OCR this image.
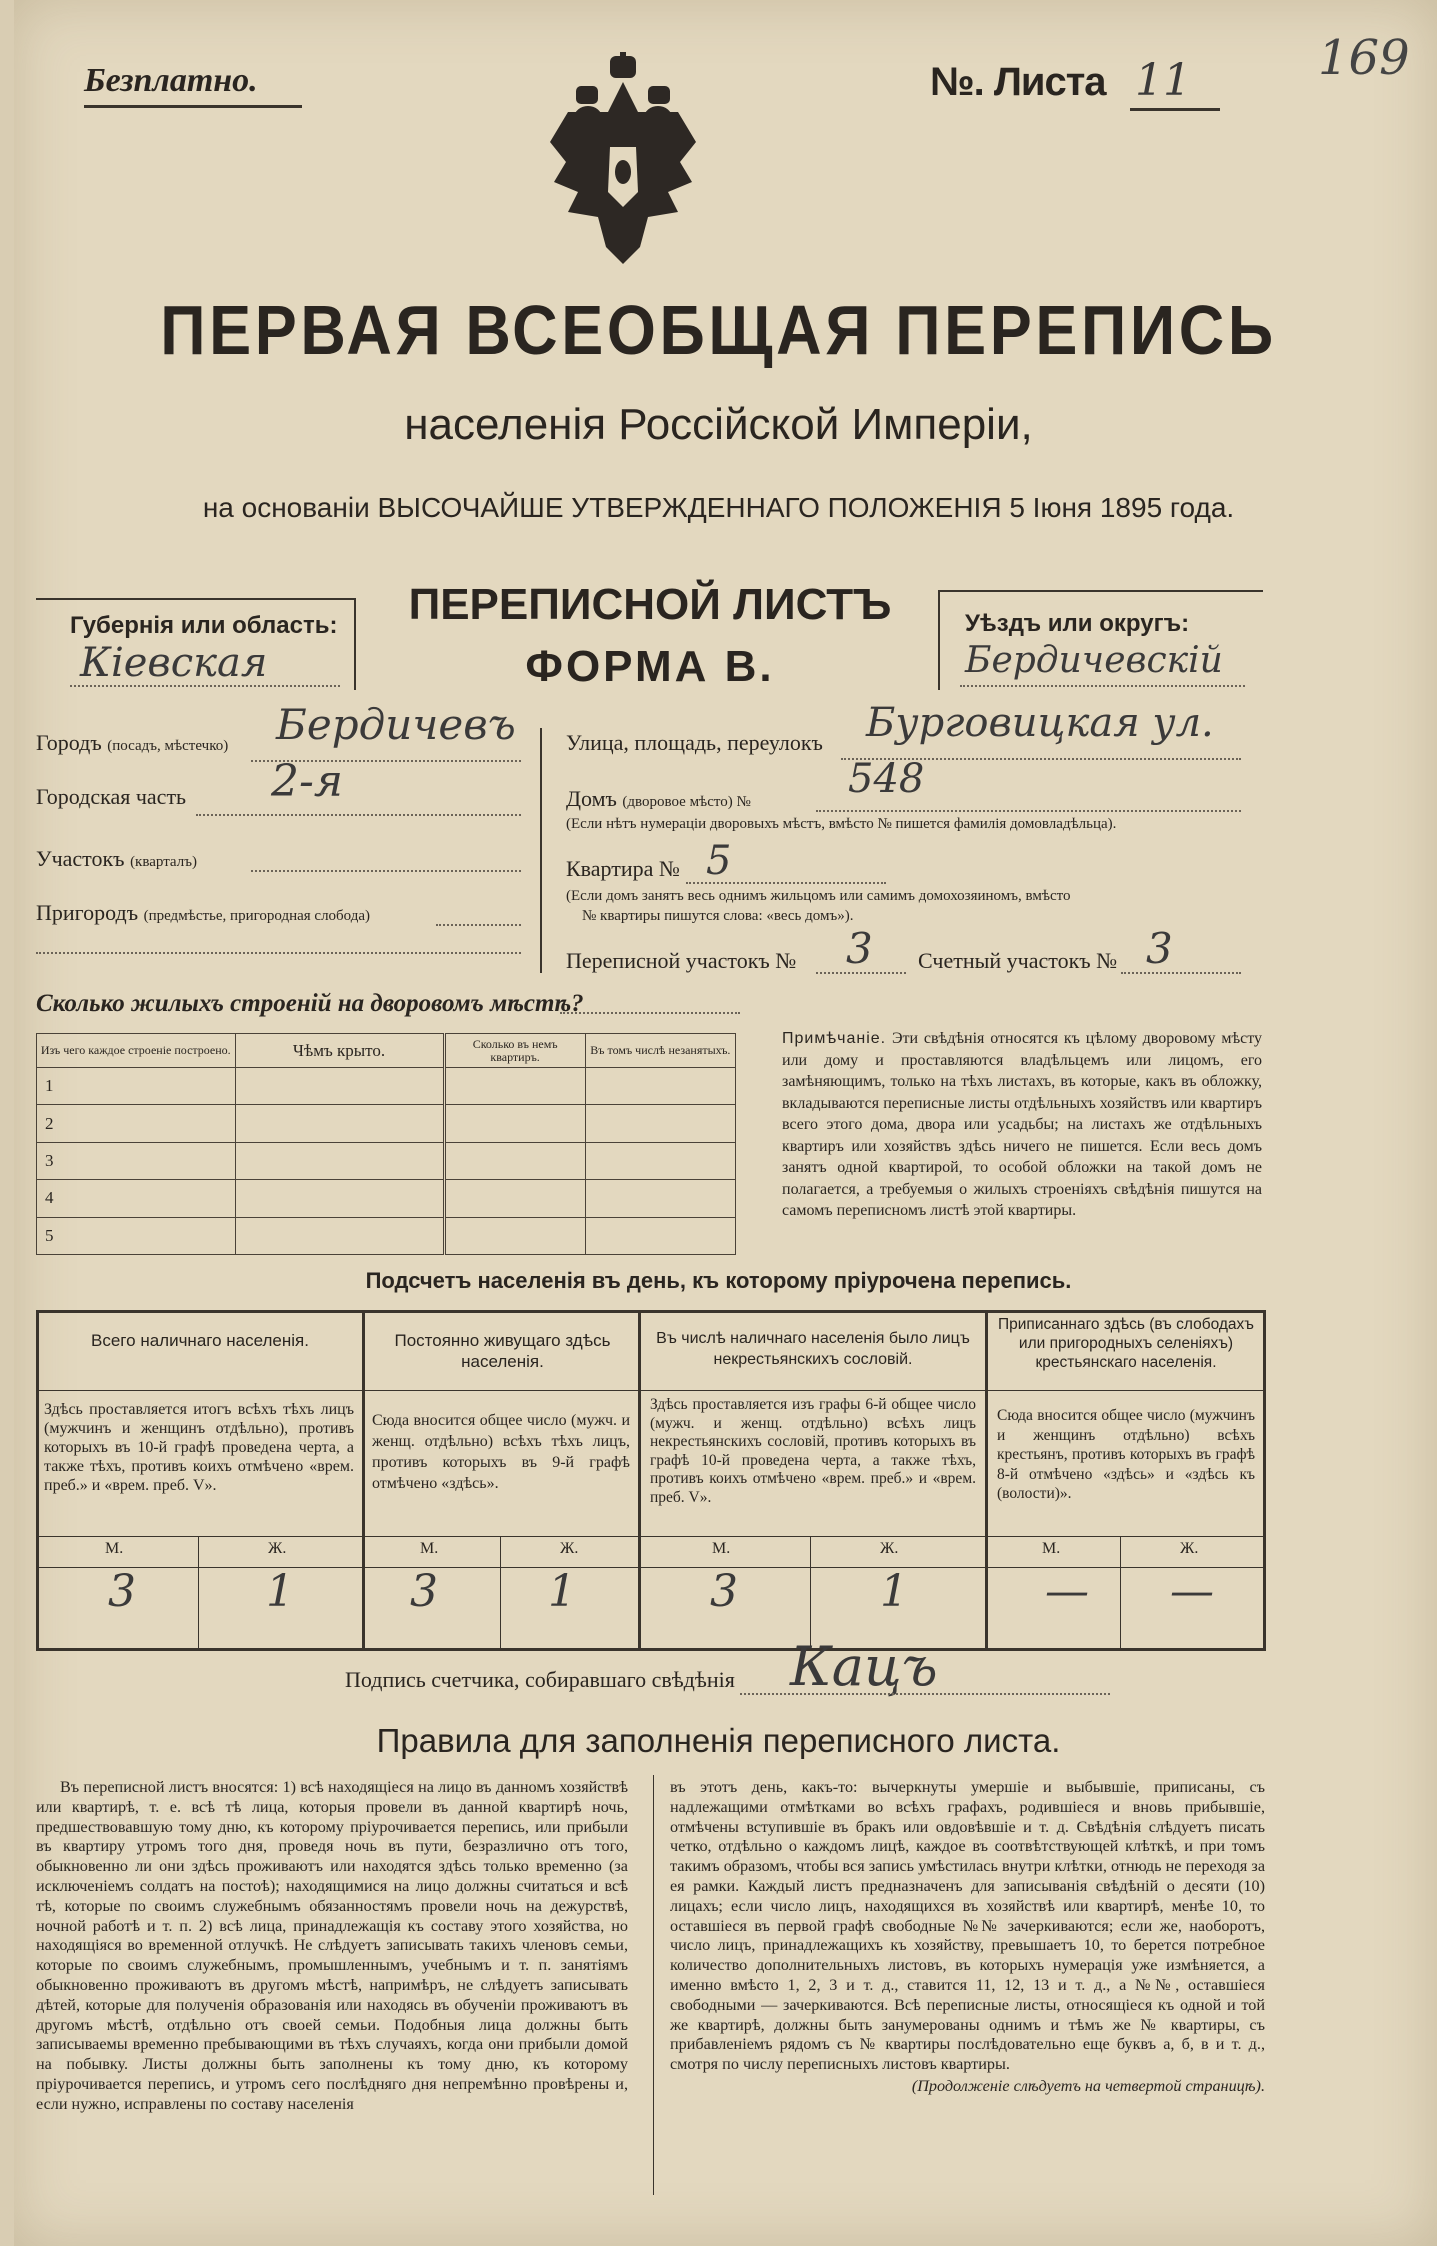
Безплатно.	№. Листа 11	169
ПЕРВАЯ ВСЕОБЩАЯ ПЕРЕПИСЬ
населенія Россійской Имперіи,
на основаніи ВЫСОЧАЙШЕ УТВЕРЖДЕННАГО ПОЛОЖЕНІЯ 5 Іюня 1895 года.
Губернія или область:
Кіевская
ПЕРЕПИСНОЙ ЛИСТЪ
ФОРМА В.
Уѣздъ или округъ:
Бердичевскій
Городъ (посадъ, мѣстечко) Бердичевъ
Городская часть 2-я
Участокъ (кварталъ)
Пригородъ (предмѣстье, пригородная слобода)
Улица, площадь, переулокъ Бурговицкая ул.
Домъ (дворовое мѣсто) № 548
(Если нѣтъ нумераціи дворовыхъ мѣстъ, вмѣсто № пишется фамилія домовладѣльца).
Квартира № 5
(Если домъ занятъ весь однимъ жильцомъ или самимъ домохозяиномъ, вмѣсто
№ квартиры пишутся слова: «весь домъ»).
Переписной участокъ № 3 Счетный участокъ № 3
Сколько жилыхъ строеній на дворовомъ мѣстѣ?
Изъ чего каждое строеніе построено.	Чѣмъ крыто.	Сколько въ немъ квартиръ.	Въ томъ числѣ незанятыхъ.
1			
2			
3			
4			
5			
Примѣчаніе. Эти свѣдѣнія относятся къ цѣлому дворовому мѣсту или дому и проставляются владѣльцемъ или лицомъ, его замѣняющимъ, только на тѣхъ листахъ, въ которые, какъ въ обложку, вкладываются переписные листы отдѣльныхъ хозяйствъ или квартиръ всего этого дома, двора или усадьбы; на листахъ же отдѣльныхъ квартиръ или хозяйствъ здѣсь ничего не пишется. Если весь домъ занятъ одной квартирой, то особой обложки на такой домъ не полагается, а требуемыя о жилыхъ строеніяхъ свѣдѣнія пишутся на самомъ переписномъ листѣ этой квартиры.
Подсчетъ населенія въ день, къ которому пріурочена перепись.
Всего наличнаго населенія.
Здѣсь проставляется итогъ всѣхъ тѣхъ лицъ (мужчинъ и женщинъ отдѣльно), противъ которыхъ въ 10-й графѣ проведена черта, а также тѣхъ, противъ коихъ отмѣчено «врем. преб.» и «врем. преб. V».
Постоянно живущаго здѣсь населенія.
Сюда вносится общее число (мужч. и женщ. отдѣльно) всѣхъ тѣхъ лицъ, противъ которыхъ въ 9-й графѣ отмѣчено «здѣсь».
Въ числѣ наличнаго населенія было лицъ некрестьянскихъ сословій.
Здѣсь проставляется изъ графы 6-й общее число (мужч. и женщ. отдѣльно) всѣхъ лицъ некрестьянскихъ сословій, противъ которыхъ въ графѣ 10-й проведена черта, а также тѣхъ, противъ коихъ отмѣчено «врем. преб.» и «врем. преб. V».
Приписаннаго здѣсь (въ слободахъ или пригородныхъ селеніяхъ) крестьянскаго населенія.
Сюда вносится общее число (мужчинъ и женщинъ отдѣльно) всѣхъ крестьянъ, противъ которыхъ въ графѣ 8-й отмѣчено «здѣсь» и «здѣсь къ (волости)».
М.	Ж.	М.	Ж.	М.	Ж.	М.	Ж.
3	1	3	1	3	1	— —
Подпись счетчика, собиравшаго свѣдѣнія Кацъ
Правила для заполненія переписного листа.
Въ переписной листъ вносятся: 1) всѣ находящіеся на лицо въ данномъ хозяйствѣ или квартирѣ, т. е. всѣ тѣ лица, которыя провели въ данной квартирѣ ночь, предшествовавшую тому дню, къ которому пріурочивается перепись, или прибыли въ квартиру утромъ того дня, проведя ночь въ пути, безразлично отъ того, обыкновенно ли они здѣсь проживаютъ или находятся здѣсь только временно (за исключеніемъ солдатъ на постоѣ); находящимися на лицо должны считаться и всѣ тѣ, которые по своимъ служебнымъ обязанностямъ провели ночь на дежурствѣ, ночной работѣ и т. п. 2) всѣ лица, принадлежащія къ составу этого хозяйства, но находящіяся во временной отлучкѣ. Не слѣдуетъ записывать такихъ членовъ семьи, которые по своимъ служебнымъ, промышленнымъ, учебнымъ и т. п. занятіямъ обыкновенно проживаютъ въ другомъ мѣстѣ, напримѣръ, не слѣдуетъ записывать дѣтей, которые для полученія образованія или находясь въ обученіи проживаютъ въ другомъ мѣстѣ, отдѣльно отъ своей семьи. Подобныя лица должны быть записываемы временно пребывающими въ тѣхъ случаяхъ, когда они прибыли домой на побывку. Листы должны быть заполнены къ тому дню, къ которому пріурочивается перепись, и утромъ сего послѣдняго дня непремѣнно провѣрены и, если нужно, исправлены по составу населенія
въ этотъ день, какъ-то: вычеркнуты умершіе и выбывшіе, приписаны, съ надлежащими отмѣтками во всѣхъ графахъ, родившіеся и вновь прибывшіе, отмѣчены вступившіе въ бракъ или овдовѣвшіе и т. д. Свѣдѣнія слѣдуетъ писать четко, отдѣльно о каждомъ лицѣ, каждое въ соотвѣтствующей клѣткѣ, и при томъ такимъ образомъ, чтобы вся запись умѣстилась внутри клѣтки, отнюдь не переходя за ея рамки. Каждый листъ предназначенъ для записыванія свѣдѣній о десяти (10) лицахъ; если число лицъ, находящихся въ хозяйствѣ или квартирѣ, менѣе 10, то оставшіеся въ первой графѣ свободные №№ зачеркиваются; если же, наоборотъ, число лицъ, принадлежащихъ къ хозяйству, превышаетъ 10, то берется потребное количество дополнительныхъ листовъ, въ которыхъ нумерація уже измѣняется, а именно вмѣсто 1, 2, 3 и т. д., ставится 11, 12, 13 и т. д., а №№, оставшіеся свободными — зачеркиваются. Всѣ переписные листы, относящіеся къ одной и той же квартирѣ, должны быть занумерованы однимъ и тѣмъ же № квартиры, съ прибавленіемъ рядомъ съ № квартиры послѣдовательно еще буквъ а, б, в и т. д., смотря по числу переписныхъ листовъ квартиры.
(Продолженіе слѣдуетъ на четвертой страницѣ).
